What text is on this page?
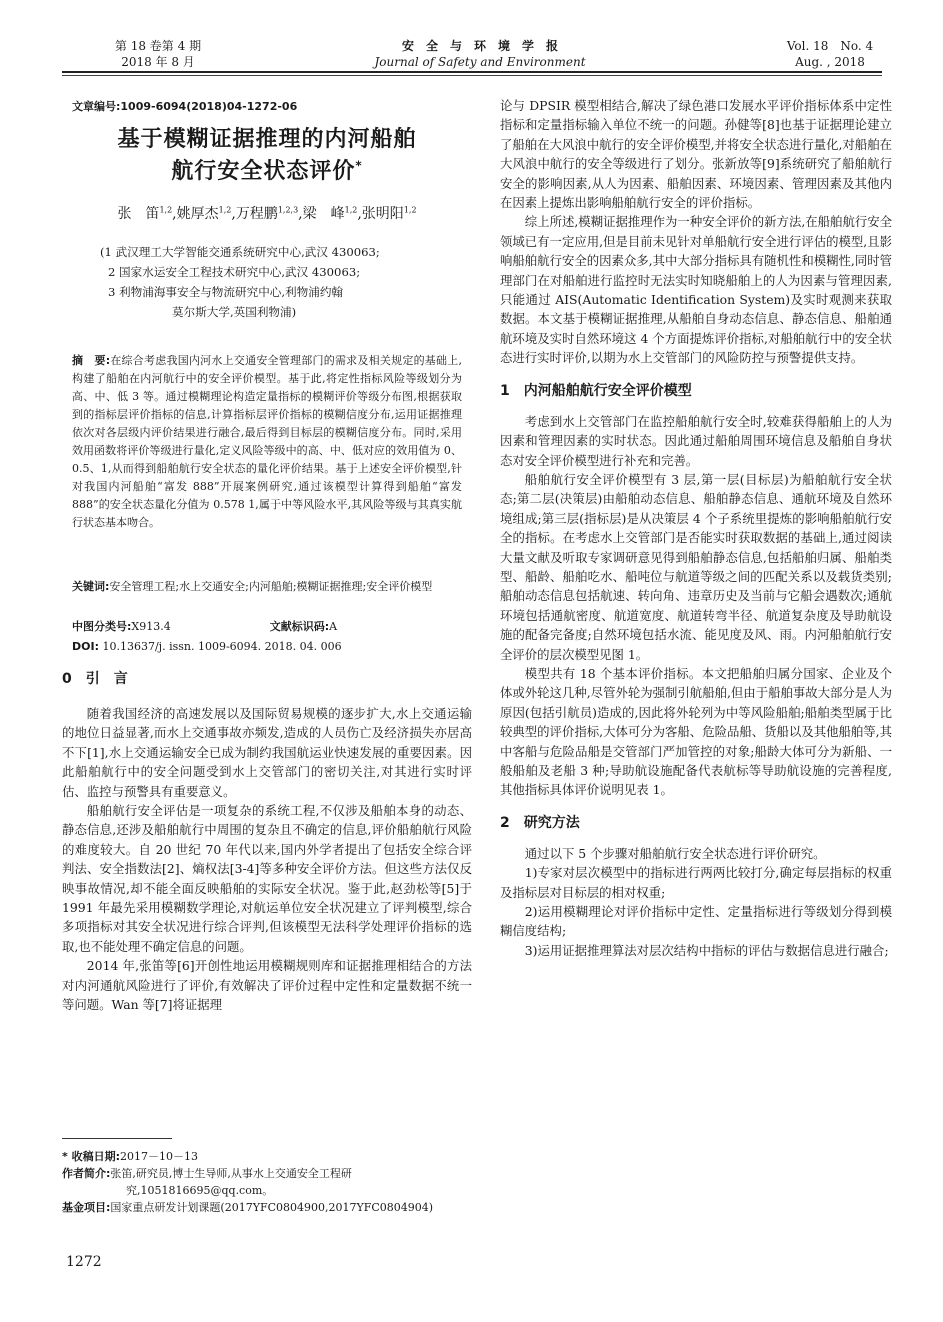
第 18 卷第 4 期
2018 年 8 月
安　全　与　环　境　学　报
Journal of Safety and Environment
Vol. 18　No. 4
Aug. , 2018
文章编号:1009-6094(2018)04-1272-06
基于模糊证据推理的内河船舶
航行安全状态评价*
张　笛$^{1,2}$,姚厚杰$^{1,2}$,万程鹏$^{1,2,3}$,梁　峰$^{1,2}$,张明阳$^{1,2}$
(1 武汉理工大学智能交通系统研究中心,武汉 430063;
2 国家水运安全工程技术研究中心,武汉 430063;
3 利物浦海事安全与物流研究中心,利物浦约翰
莫尔斯大学,英国利物浦)
摘　要:在综合考虑我国内河水上交通安全管理部门的需求及相关规定的基础上,构建了船舶在内河航行中的安全评价模型。基于此,将定性指标风险等级划分为高、中、低 3 等。通过模糊理论构造定量指标的模糊评价等级分布图,根据获取到的指标层评价指标的信息,计算指标层评价指标的模糊信度分布,运用证据推理依次对各层级内评价结果进行融合,最后得到目标层的模糊信度分布。同时,采用效用函数将评价等级进行量化,定义风险等级中的高、中、低对应的效用值为 0、0.5、1,从而得到船舶航行安全状态的量化评价结果。基于上述安全评价模型,针对我国内河船舶“富发 888”开展案例研究,通过该模型计算得到船舶“富发 888”的安全状态量化分值为 0.578 1,属于中等风险水平,其风险等级与其真实航行状态基本吻合。
关键词:安全管理工程;水上交通安全;内河船舶;模糊证据推理;安全评价模型
中图分类号:X913.4	文献标识码:A
DOI: 10.13637/j. issn. 1009-6094. 2018. 04. 006
0　引　言

随着我国经济的高速发展以及国际贸易规模的逐步扩大,水上交通运输的地位日益显著,而水上交通事故亦频发,造成的人员伤亡及经济损失亦居高不下[1],水上交通运输安全已成为制约我国航运业快速发展的重要因素。因此船舶航行中的安全问题受到水上交管部门的密切关注,对其进行实时评估、监控与预警具有重要意义。

船舶航行安全评估是一项复杂的系统工程,不仅涉及船舶本身的动态、静态信息,还涉及船舶航行中周围的复杂且不确定的信息,评价船舶航行风险的难度较大。自 20 世纪 70 年代以来,国内外学者提出了包括安全综合评判法、安全指数法[2]、熵权法[3-4]等多种安全评价方法。但这些方法仅反映事故情况,却不能全面反映船舶的实际安全状况。鉴于此,赵劲松等[5]于 1991 年最先采用模糊数学理论,对航运单位安全状况建立了评判模型,综合多项指标对其安全状况进行综合评判,但该模型无法科学处理评价指标的选取,也不能处理不确定信息的问题。

2014 年,张笛等[6]开创性地运用模糊规则库和证据推理相结合的方法对内河通航风险进行了评价,有效解决了评价过程中定性和定量数据不统一等问题。Wan 等[7]将证据理

* 收稿日期:2017－10－13
作者简介:张笛,研究员,博士生导师,从事水上交通安全工程研究,1051816695@qq.com。
基金项目:国家重点研发计划课题(2017YFC0804900,2017YFC0804904)
1272

论与 DPSIR 模型相结合,解决了绿色港口发展水平评价指标体系中定性指标和定量指标输入单位不统一的问题。孙健等[8]也基于证据理论建立了船舶在大风浪中航行的安全评价模型,并将安全状态进行量化,对船舶在大风浪中航行的安全等级进行了划分。张新放等[9]系统研究了船舶航行安全的影响因素,从人为因素、船舶因素、环境因素、管理因素及其他内在因素上提炼出影响船舶航行安全的评价指标。

综上所述,模糊证据推理作为一种安全评价的新方法,在船舶航行安全领域已有一定应用,但是目前未见针对单船航行安全进行评估的模型,且影响船舶航行安全的因素众多,其中大部分指标具有随机性和模糊性,同时管理部门在对船舶进行监控时无法实时知晓船舶上的人为因素与管理因素,只能通过 AIS(Automatic Identification System)及实时观测来获取数据。本文基于模糊证据推理,从船舶自身动态信息、静态信息、船舶通航环境及实时自然环境这 4 个方面提炼评价指标,对船舶航行中的安全状态进行实时评价,以期为水上交管部门的风险防控与预警提供支持。

1　内河船舶航行安全评价模型

考虑到水上交管部门在监控船舶航行安全时,较难获得船舶上的人为因素和管理因素的实时状态。因此通过船舶周围环境信息及船舶自身状态对安全评价模型进行补充和完善。

船舶航行安全评价模型有 3 层,第一层(目标层)为船舶航行安全状态;第二层(决策层)由船舶动态信息、船舶静态信息、通航环境及自然环境组成;第三层(指标层)是从决策层 4 个子系统里提炼的影响船舶航行安全的指标。在考虑水上交管部门是否能实时获取数据的基础上,通过阅读大量文献及听取专家调研意见得到船舶静态信息,包括船舶归属、船舶类型、船龄、船舶吃水、船吨位与航道等级之间的匹配关系以及载货类别;船舶动态信息包括航速、转向角、违章历史及当前与它船会遇数次;通航环境包括通航密度、航道宽度、航道转弯半径、航道复杂度及导助航设施的配备完备度;自然环境包括水流、能见度及风、雨。内河船舶航行安全评价的层次模型见图 1。

模型共有 18 个基本评价指标。本文把船舶归属分国家、企业及个体或外轮这几种,尽管外轮为强制引航船舶,但由于船舶事故大部分是人为原因(包括引航员)造成的,因此将外轮列为中等风险船舶;船舶类型属于比较典型的评价指标,大体可分为客船、危险品船、货船以及其他船舶等,其中客船与危险品船是交管部门严加管控的对象;船龄大体可分为新船、一般船舶及老船 3 种;导助航设施配备代表航标等导助航设施的完善程度,其他指标具体评价说明见表 1。

2　研究方法

通过以下 5 个步骤对船舶航行安全状态进行评价研究。

1)专家对层次模型中的指标进行两两比较打分,确定每层指标的权重及指标层对目标层的相对权重;

2)运用模糊理论对评价指标中定性、定量指标进行等级划分得到模糊信度结构;

3)运用证据推理算法对层次结构中指标的评估与数据信息进行融合;
